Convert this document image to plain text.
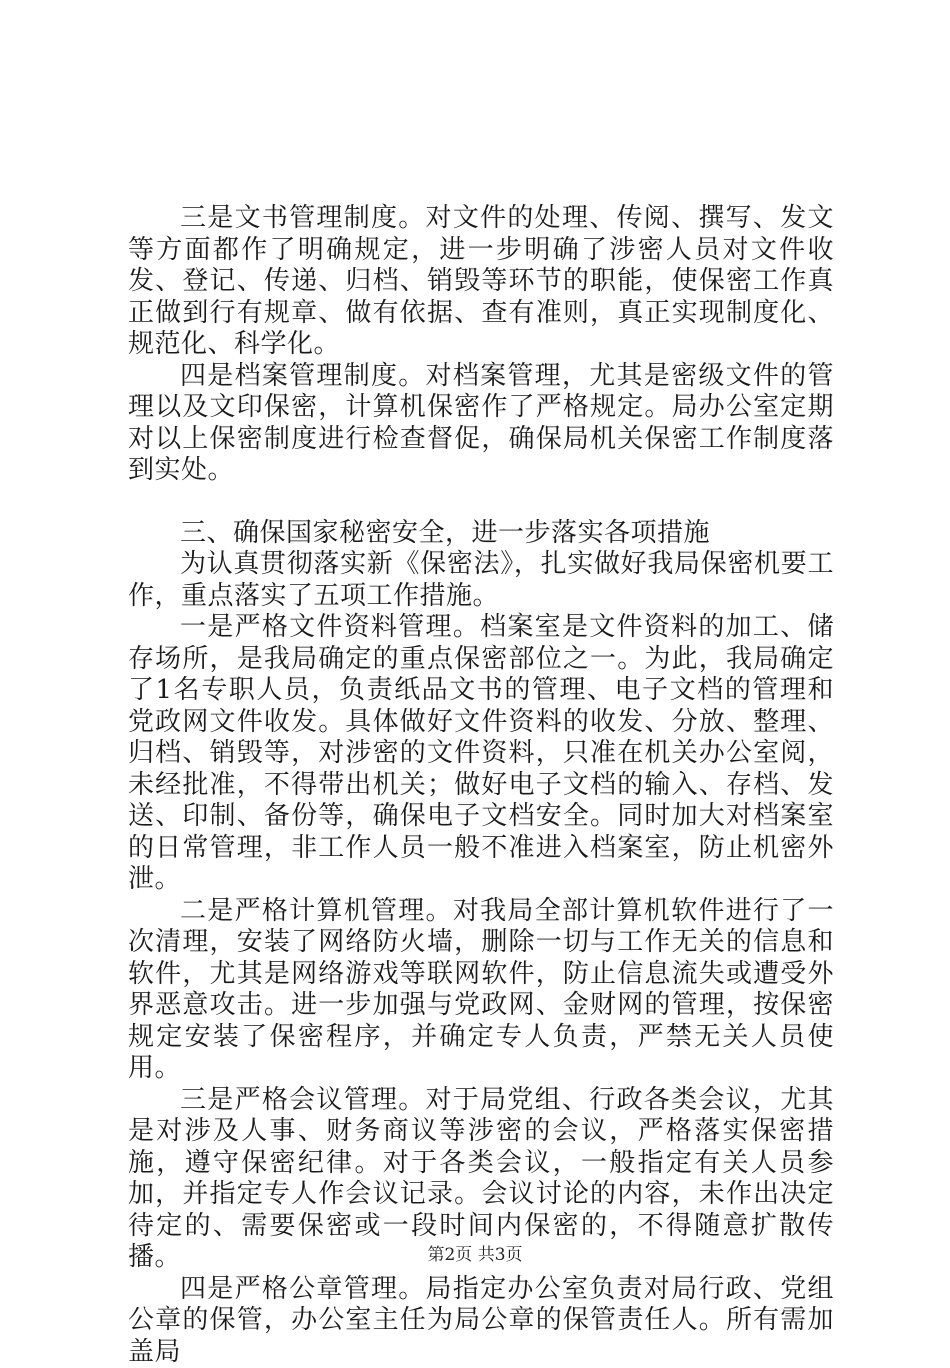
三是文书管理制度。对文件的处理、传阅、撰写、发文等方面都作了明确规定，进一步明确了涉密人员对文件收发、登记、传递、归档、销毁等环节的职能，使保密工作真正做到行有规章、做有依据、查有准则，真正实现制度化、规范化、科学化。

四是档案管理制度。对档案管理，尤其是密级文件的管理以及文印保密，计算机保密作了严格规定。局办公室定期对以上保密制度进行检查督促，确保局机关保密工作制度落到实处。

三、确保国家秘密安全，进一步落实各项措施

为认真贯彻落实新《保密法》，扎实做好我局保密机要工作，重点落实了五项工作措施。

一是严格文件资料管理。档案室是文件资料的加工、储存场所，是我局确定的重点保密部位之一。为此，我局确定了1名专职人员，负责纸品文书的管理、电子文档的管理和党政网文件收发。具体做好文件资料的收发、分放、整理、归档、销毁等，对涉密的文件资料，只准在机关办公室阅，未经批准，不得带出机关；做好电子文档的输入、存档、发送、印制、备份等，确保电子文档安全。同时加大对档案室的日常管理，非工作人员一般不准进入档案室，防止机密外泄。

二是严格计算机管理。对我局全部计算机软件进行了一次清理，安装了网络防火墙，删除一切与工作无关的信息和软件，尤其是网络游戏等联网软件，防止信息流失或遭受外界恶意攻击。进一步加强与党政网、金财网的管理，按保密规定安装了保密程序，并确定专人负责，严禁无关人员使用。

三是严格会议管理。对于局党组、行政各类会议，尤其是对涉及人事、财务商议等涉密的会议，严格落实保密措施，遵守保密纪律。对于各类会议，一般指定有关人员参加，并指定专人作会议记录。会议讨论的内容，未作出决定待定的、需要保密或一段时间内保密的，不得随意扩散传播。

四是严格公章管理。局指定办公室负责对局行政、党组公章的保管，办公室主任为局公章的保管责任人。所有需加盖局

第2页 共3页
